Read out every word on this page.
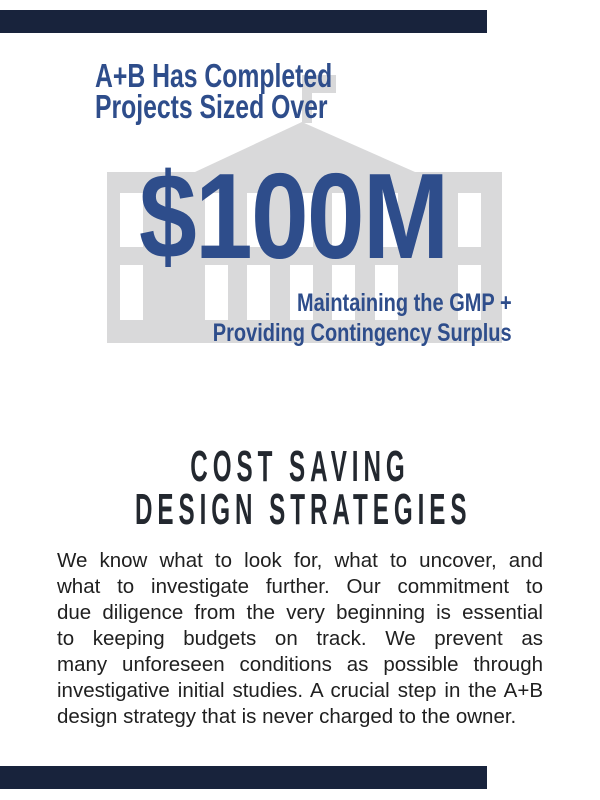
A+B Has Completed
Projects Sized Over
$100M
Maintaining the GMP +
Providing Contingency Surplus
COST SAVING
DESIGN STRATEGIES
We know what to look for, what to uncover, and
what to investigate further. Our commitment to
due diligence from the very beginning is essential
to keeping budgets on track. We prevent as
many unforeseen conditions as possible through
investigative initial studies. A crucial step in the A+B
design strategy that is never charged to the owner.
